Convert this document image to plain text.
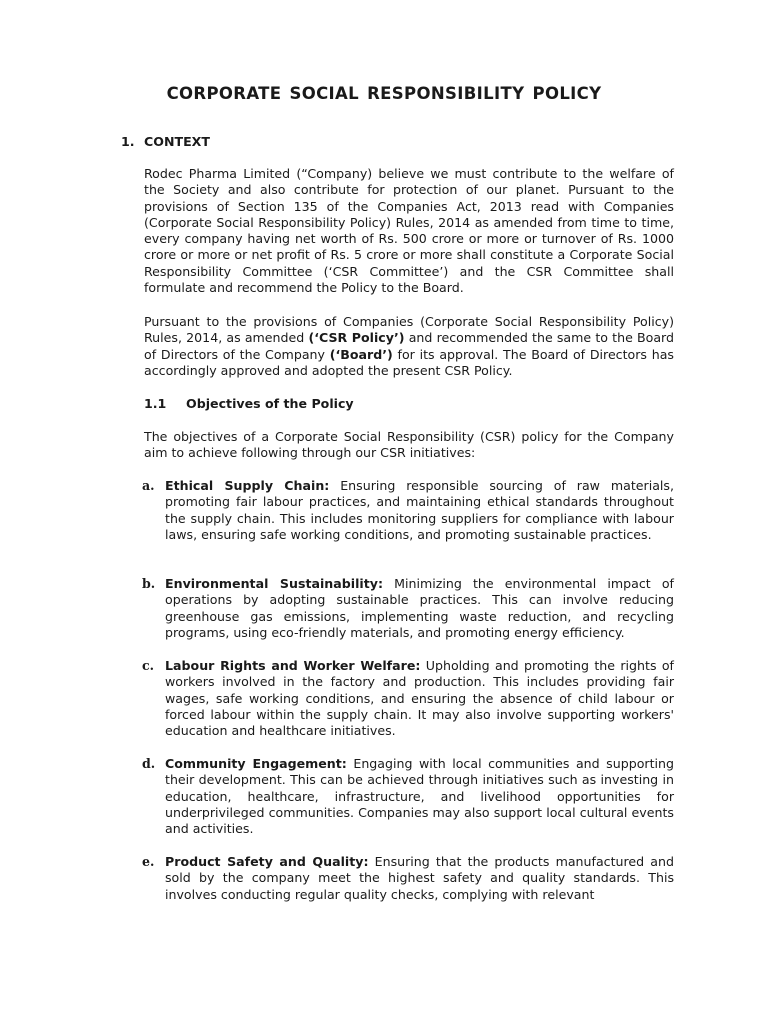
CORPORATE SOCIAL RESPONSIBILITY POLICY
1. CONTEXT
Rodec Pharma Limited (“Company) believe we must contribute to the welfare of the Society and also contribute for protection of our planet. Pursuant to the provisions of Section 135 of the Companies Act, 2013 read with Companies (Corporate Social Responsibility Policy) Rules, 2014 as amended from time to time, every company having net worth of Rs. 500 crore or more or turnover of Rs. 1000 crore or more or net profit of Rs. 5 crore or more shall constitute a Corporate Social Responsibility Committee (‘CSR Committee’) and the CSR Committee shall formulate and recommend the Policy to the Board.
Pursuant to the provisions of Companies (Corporate Social Responsibility Policy) Rules, 2014, as amended (‘CSR Policy’) and recommended the same to the Board of Directors of the Company (‘Board’) for its approval. The Board of Directors has accordingly approved and adopted the present CSR Policy.
1.1 Objectives of the Policy
The objectives of a Corporate Social Responsibility (CSR) policy for the Company aim to achieve following through our CSR initiatives:
a. Ethical Supply Chain: Ensuring responsible sourcing of raw materials, promoting fair labour practices, and maintaining ethical standards throughout the supply chain. This includes monitoring suppliers for compliance with labour laws, ensuring safe working conditions, and promoting sustainable practices.
b. Environmental Sustainability: Minimizing the environmental impact of operations by adopting sustainable practices. This can involve reducing greenhouse gas emissions, implementing waste reduction, and recycling programs, using eco-friendly materials, and promoting energy efficiency.
c. Labour Rights and Worker Welfare: Upholding and promoting the rights of workers involved in the factory and production. This includes providing fair wages, safe working conditions, and ensuring the absence of child labour or forced labour within the supply chain. It may also involve supporting workers' education and healthcare initiatives.
d. Community Engagement: Engaging with local communities and supporting their development. This can be achieved through initiatives such as investing in education, healthcare, infrastructure, and livelihood opportunities for underprivileged communities. Companies may also support local cultural events and activities.
e. Product Safety and Quality: Ensuring that the products manufactured and sold by the company meet the highest safety and quality standards. This involves conducting regular quality checks, complying with relevant
